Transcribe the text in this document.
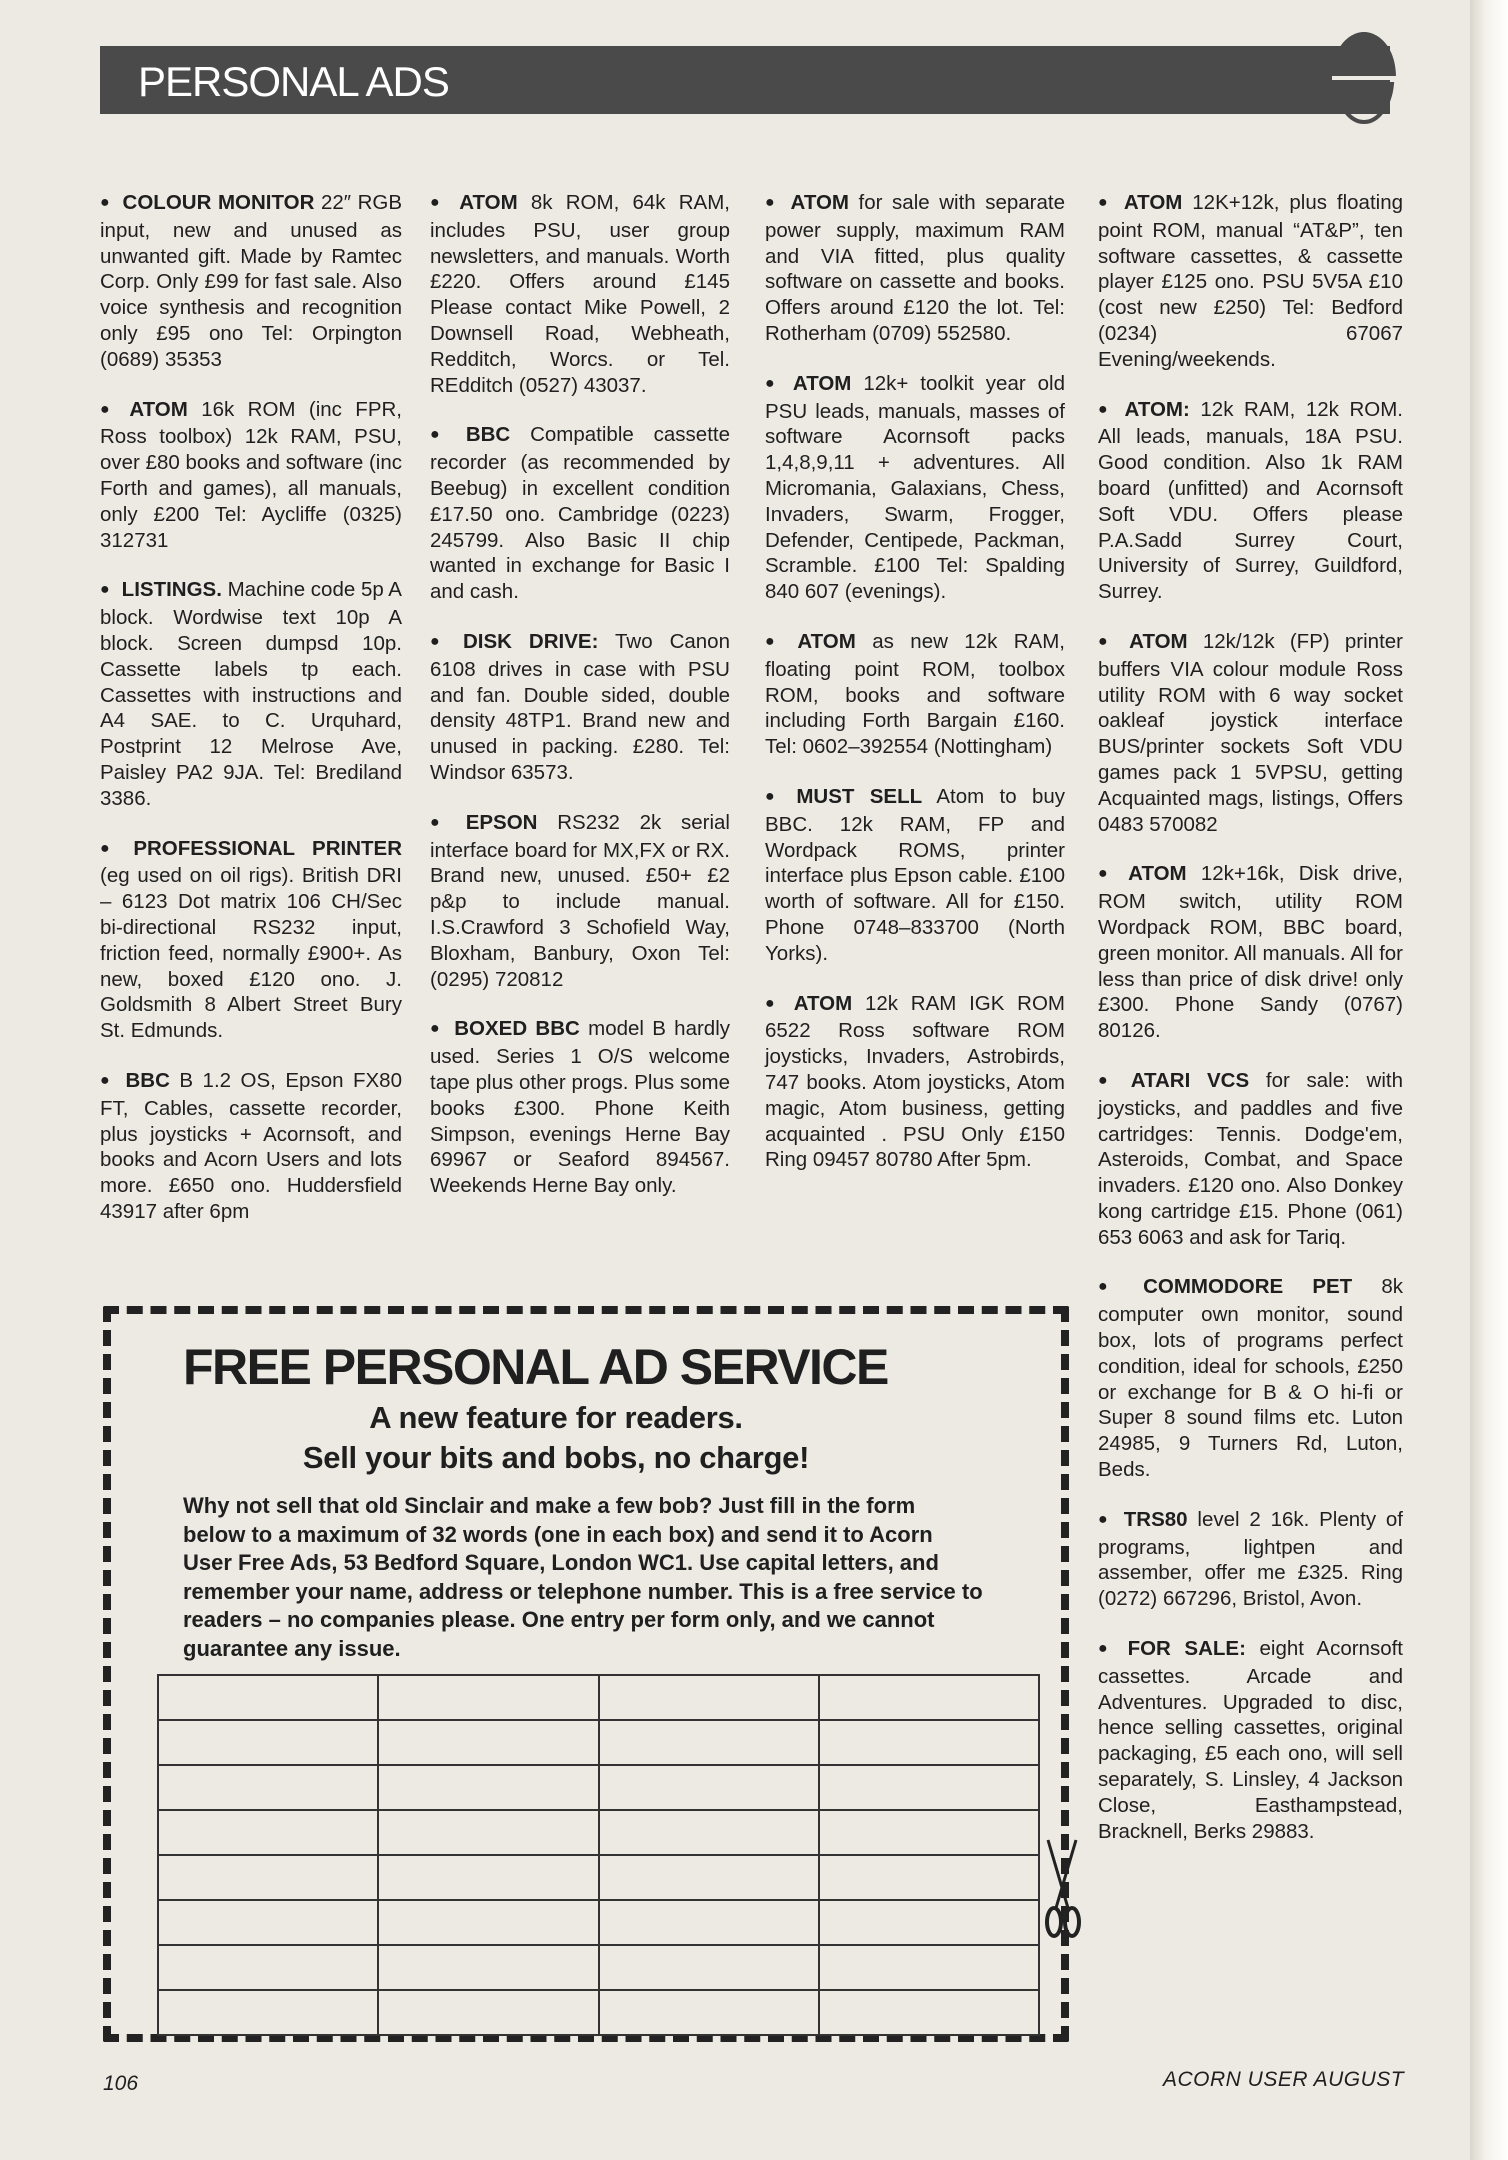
PERSONAL ADS

● COLOUR MONITOR 22″ RGB input, new and unused as unwanted gift. Made by Ramtec Corp. Only £99 for fast sale. Also voice synthesis and recognition only £95 ono Tel: Orpington (0689) 35353

● ATOM 16k ROM (inc FPR, Ross toolbox) 12k RAM, PSU, over £80 books and software (inc Forth and games), all manuals, only £200 Tel: Aycliffe (0325) 312731

● LISTINGS. Machine code 5p A block. Wordwise text 10p A block. Screen dumpsd 10p. Cassette labels tp each. Cassettes with instructions and A4 SAE. to C. Urquhard, Postprint 12 Melrose Ave, Paisley PA2 9JA. Tel: Brediland 3386.

● PROFESSIONAL PRINTER (eg used on oil rigs). British DRI – 6123 Dot matrix 106 CH/Sec bi-directional RS232 input, friction feed, normally £900+. As new, boxed £120 ono. J. Goldsmith 8 Albert Street Bury St. Edmunds.

● BBC B 1.2 OS, Epson FX80 FT, Cables, cassette recorder, plus joysticks + Acornsoft, and books and Acorn Users and lots more. £650 ono. Huddersfield 43917 after 6pm

● ATOM 8k ROM, 64k RAM, includes PSU, user group newsletters, and manuals. Worth £220. Offers around £145 Please contact Mike Powell, 2 Downsell Road, Webheath, Redditch, Worcs. or Tel. REdditch (0527) 43037.

● BBC Compatible cassette recorder (as recommended by Beebug) in excellent condition £17.50 ono. Cambridge (0223) 245799. Also Basic II chip wanted in exchange for Basic I and cash.

● DISK DRIVE: Two Canon 6108 drives in case with PSU and fan. Double sided, double density 48TP1. Brand new and unused in packing. £280. Tel: Windsor 63573.

● EPSON RS232 2k serial interface board for MX,FX or RX. Brand new, unused. £50+ £2 p&p to include manual. I.S.Crawford 3 Schofield Way, Bloxham, Banbury, Oxon Tel: (0295) 720812

● BOXED BBC model B hardly used. Series 1 O/S welcome tape plus other progs. Plus some books £300. Phone Keith Simpson, evenings Herne Bay 69967 or Seaford 894567. Weekends Herne Bay only.

● ATOM for sale with separate power supply, maximum RAM and VIA fitted, plus quality software on cassette and books. Offers around £120 the lot. Tel: Rotherham (0709) 552580.

● ATOM 12k+ toolkit year old PSU leads, manuals, masses of software Acornsoft packs 1,4,8,9,11 + adventures. All Micromania, Galaxians, Chess, Invaders, Swarm, Frogger, Defender, Centipede, Packman, Scramble. £100 Tel: Spalding 840 607 (evenings).

● ATOM as new 12k RAM, floating point ROM, toolbox ROM, books and software including Forth Bargain £160. Tel: 0602–392554 (Nottingham)

● MUST SELL Atom to buy BBC. 12k RAM, FP and Wordpack ROMS, printer interface plus Epson cable. £100 worth of software. All for £150. Phone 0748–833700 (North Yorks).

● ATOM 12k RAM IGK ROM 6522 Ross software ROM joysticks, Invaders, Astrobirds, 747 books. Atom joysticks, Atom magic, Atom business, getting acquainted . PSU Only £150 Ring 09457 80780 After 5pm.

● ATOM 12K+12k, plus floating point ROM, manual “AT&P”, ten software cassettes, & cassette player £125 ono. PSU 5V5A £10 (cost new £250) Tel: Bedford (0234) 67067 Evening/weekends.

● ATOM: 12k RAM, 12k ROM. All leads, manuals, 18A PSU. Good condition. Also 1k RAM board (unfitted) and Acornsoft Soft VDU. Offers please P.A.Sadd Surrey Court, University of Surrey, Guildford, Surrey.

● ATOM 12k/12k (FP) printer buffers VIA colour module Ross utility ROM with 6 way socket oakleaf joystick interface BUS/printer sockets Soft VDU games pack 1 5VPSU, getting Acquainted mags, listings, Offers 0483 570082

● ATOM 12k+16k, Disk drive, ROM switch, utility ROM Wordpack ROM, BBC board, green monitor. All manuals. All for less than price of disk drive! only £300. Phone Sandy (0767) 80126.

● ATARI VCS for sale: with joysticks, and paddles and five cartridges: Tennis. Dodge'em, Asteroids, Combat, and Space invaders. £120 ono. Also Donkey kong cartridge £15. Phone (061) 653 6063 and ask for Tariq.

● COMMODORE PET 8k computer own monitor, sound box, lots of programs perfect condition, ideal for schools, £250 or exchange for B & O hi-fi or Super 8 sound films etc. Luton 24985, 9 Turners Rd, Luton, Beds.

● TRS80 level 2 16k. Plenty of programs, lightpen and assember, offer me £325. Ring (0272) 667296, Bristol, Avon.

● FOR SALE: eight Acornsoft cassettes. Arcade and Adventures. Upgraded to disc, hence selling cassettes, original packaging, £5 each ono, will sell separately, S. Linsley, 4 Jackson Close, Easthampstead, Bracknell, Berks 29883.

FREE PERSONAL AD SERVICE
A new feature for readers.
Sell your bits and bobs, no charge!
Why not sell that old Sinclair and make a few bob? Just fill in the form below to a maximum of 32 words (one in each box) and send it to Acorn User Free Ads, 53 Bedford Square, London WC1. Use capital letters, and remember your name, address or telephone number. This is a free service to readers – no companies please. One entry per form only, and we cannot guarantee any issue.

106	ACORN USER AUGUST
